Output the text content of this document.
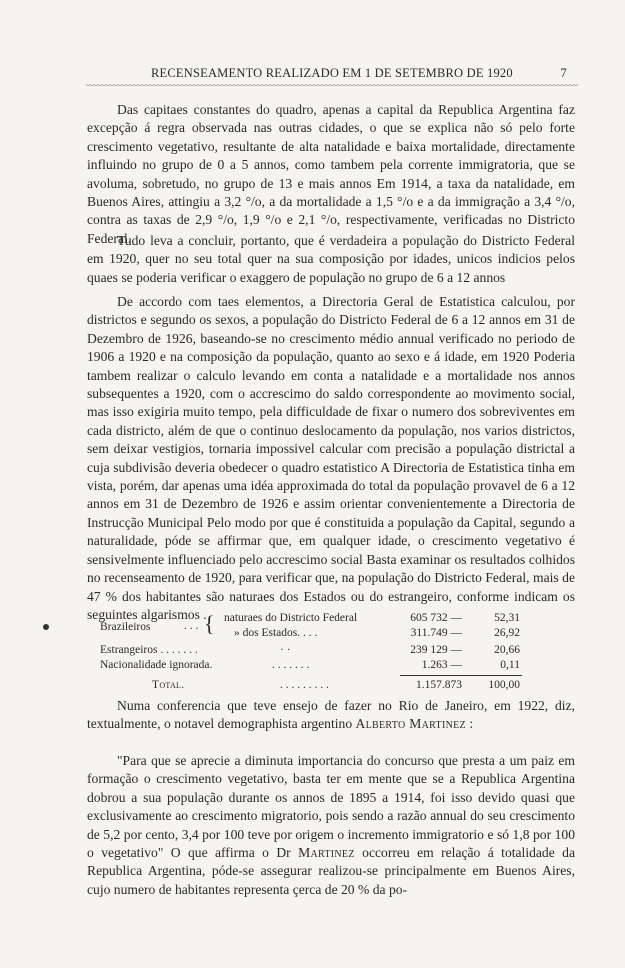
RECENSEAMENTO REALIZADO EM 1 DE SETEMBRO DE 1920	7

Das capitaes constantes do quadro, apenas a capital da Republica Argentina faz excepção á regra observada nas outras cidades, o que se explica não só pelo forte crescimento vegetativo, resultante de alta natalidade e baixa mortalidade, directamente influindo no grupo de 0 a 5 annos, como tambem pela corrente immigratoria, que se avoluma, sobretudo, no grupo de 13 e mais annos Em 1914, a taxa da natalidade, em Buenos Aires, attingiu a 3,2 °/o, a da mortalidade a 1,5 °/o e a da immigração a 3,4 °/o, contra as taxas de 2,9 °/o, 1,9 °/o e 2,1 °/o, respectivamente, verificadas no Districto Federal.

Tudo leva a concluir, portanto, que é verdadeira a população do Districto Federal em 1920, quer no seu total quer na sua composição por idades, unicos indicios pelos quaes se poderia verificar o exaggero de população no grupo de 6 a 12 annos

De accordo com taes elementos, a Directoria Geral de Estatistica calculou, por districtos e segundo os sexos, a população do Districto Federal de 6 a 12 annos em 31 de Dezembro de 1926, baseando-se no crescimento médio annual verificado no periodo de 1906 a 1920 e na composição da população, quanto ao sexo e á idade, em 1920 Poderia tambem realizar o calculo levando em conta a natalidade e a mortalidade nos annos subsequentes a 1920, com o accrescimo do saldo correspondente ao movimento social, mas isso exigiria muito tempo, pela difficuldade de fixar o numero dos sobreviventes em cada districto, além de que o continuo deslocamento da população, nos varios districtos, sem deixar vestigios, tornaria impossivel calcular com precisão a população districtal a cuja subdivisão deveria obedecer o quadro estatistico A Directoria de Estatistica tinha em vista, porém, dar apenas uma idéa approximada do total da população provavel de 6 a 12 annos em 31 de Dezembro de 1926 e assim orientar convenientemente a Directoria de Instrucção Municipal Pelo modo por que é constituida a população da Capital, segundo a naturalidade, póde se affirmar que, em qualquer idade, o crescimento vegetativo é sensivelmente influenciado pelo accrescimo social Basta examinar os resultados colhidos no recenseamento de 1920, para verificar que, na população do Districto Federal, mais de 47 % dos habitantes são naturaes dos Estados ou do estrangeiro, conforme indicam os seguintes algarismos .

Brazileiros	. . . { naturaes do Districto Federal	605 732 —	52,31
» dos Estados. . . .	311.749 —	26,92
Estrangeiros . . . . . . .	· ·	239 129 —	20,66
Nacionalidade ignorada.	. . . . . . .	1.263 —	0,11
Total.	. . . . . . . . .	1.157.873	100,00

Numa conferencia que teve ensejo de fazer no Rio de Janeiro, em 1922, diz, textualmente, o notavel demographista argentino Alberto Martinez :

"Para que se aprecie a diminuta importancia do concurso que presta a um paiz em formação o crescimento vegetativo, basta ter em mente que se a Republica Argentina dobrou a sua população durante os annos de 1895 a 1914, foi isso devido quasi que exclusivamente ao crescimento migratorio, pois sendo a razão annual do seu crescimento de 5,2 por cento, 3,4 por 100 teve por origem o incremento immigratorio e só 1,8 por 100 o vegetativo" O que affirma o Dr Martinez occorreu em relação á totalidade da Republica Argentina, póde-se assegurar realizou-se principalmente em Buenos Aires, cujo numero de habitantes representa çerca de 20 % da po-
